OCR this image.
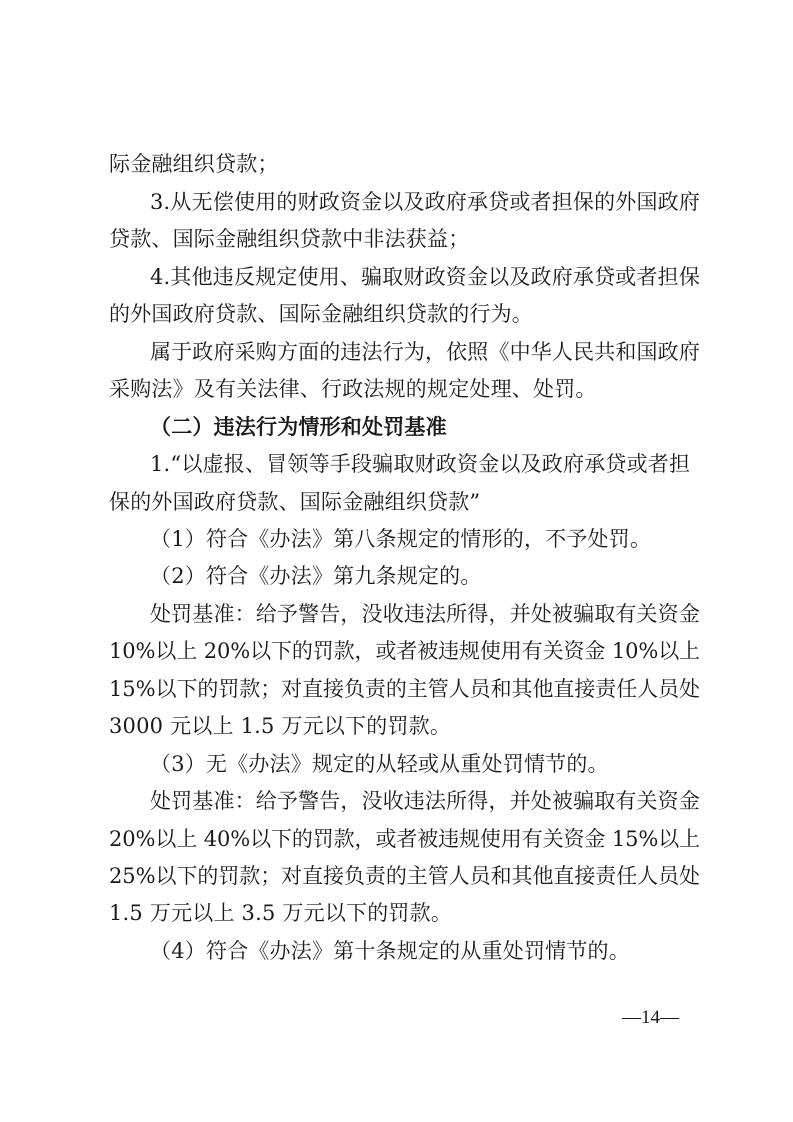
际金融组织贷款；
3.从无偿使用的财政资金以及政府承贷或者担保的外国政府
贷款、国际金融组织贷款中非法获益；
4.其他违反规定使用、骗取财政资金以及政府承贷或者担保
的外国政府贷款、国际金融组织贷款的行为。
属于政府采购方面的违法行为，依照《中华人民共和国政府
采购法》及有关法律、行政法规的规定处理、处罚。
（二）违法行为情形和处罚基准
1.“以虚报、冒领等手段骗取财政资金以及政府承贷或者担
保的外国政府贷款、国际金融组织贷款”
（1）符合《办法》第八条规定的情形的，不予处罚。
（2）符合《办法》第九条规定的。
处罚基准：给予警告，没收违法所得，并处被骗取有关资金
10%以上 20%以下的罚款，或者被违规使用有关资金 10%以上
15%以下的罚款；对直接负责的主管人员和其他直接责任人员处
3000 元以上 1.5 万元以下的罚款。
（3）无《办法》规定的从轻或从重处罚情节的。
处罚基准：给予警告，没收违法所得，并处被骗取有关资金
20%以上 40%以下的罚款，或者被违规使用有关资金 15%以上
25%以下的罚款；对直接负责的主管人员和其他直接责任人员处
1.5 万元以上 3.5 万元以下的罚款。
（4）符合《办法》第十条规定的从重处罚情节的。
—14—
